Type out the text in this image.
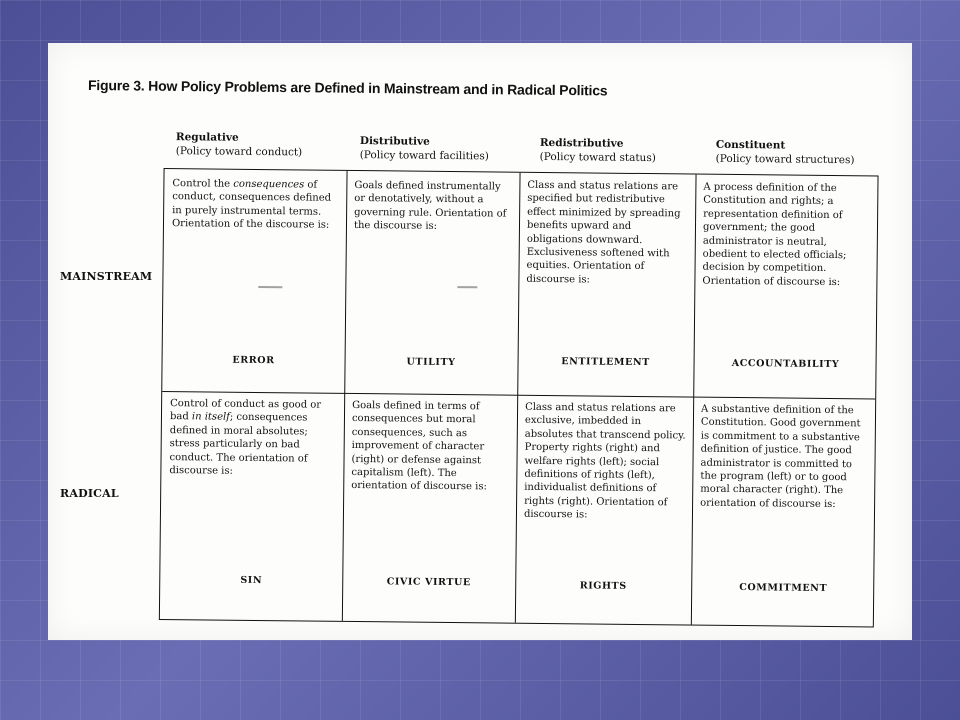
Figure 3. How Policy Problems are Defined in Mainstream and in Radical Politics
MAINSTREAM
RADICAL
Regulative
(Policy toward conduct)
Distributive
(Policy toward facilities)
Redistributive
(Policy toward status)
Constituent
(Policy toward structures)
Control the consequences of conduct, consequences defined in purely instrumental terms. Orientation of the discourse is:
ERROR
Goals defined instrumentally or denotatively, without a governing rule. Orientation of the discourse is:
UTILITY
Class and status relations are specified but redistributive effect minimized by spreading benefits upward and obligations downward. Exclusiveness softened with equities. Orientation of discourse is:
ENTITLEMENT
A process definition of the Constitution and rights; a representation definition of government; the good administrator is neutral, obedient to elected officials; decision by competition. Orientation of discourse is:
ACCOUNTABILITY
Control of conduct as good or bad in itself; consequences defined in moral absolutes; stress particularly on bad conduct. The orientation of discourse is:
SIN
Goals defined in terms of consequences but moral consequences, such as improvement of character (right) or defense against capitalism (left). The orientation of discourse is:
CIVIC VIRTUE
Class and status relations are exclusive, imbedded in absolutes that transcend policy. Property rights (right) and welfare rights (left); social definitions of rights (left), individualist definitions of rights (right). Orientation of discourse is:
RIGHTS
A substantive definition of the Constitution. Good government is commitment to a substantive definition of justice. The good administrator is committed to the program (left) or to good moral character (right). The orientation of discourse is:
COMMITMENT
